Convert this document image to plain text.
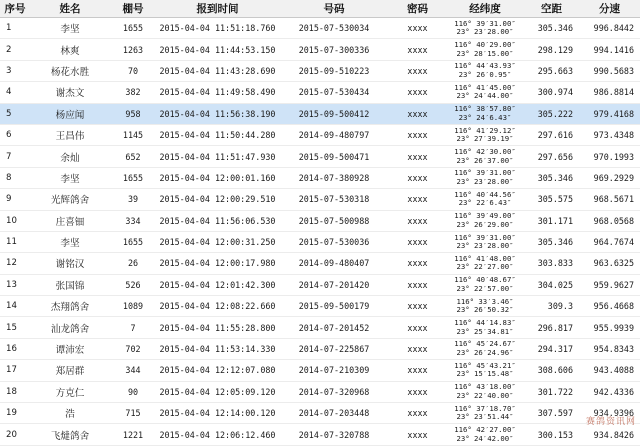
序号	姓名	棚号	报到时间	号码	密码	经纬度	空距	分速
1	李坚	1655	2015-04-04 11:51:18.760	2015-07-530034	xxxx	116° 39′31.00″
23° 23′28.00″	305.346	996.8442
2	林爽	1263	2015-04-04 11:44:53.150	2015-07-300336	xxxx	116° 40′29.00″
23° 28′15.00″	298.129	994.1416
3	杨花水胜	70	2015-04-04 11:43:28.690	2015-09-510223	xxxx	116° 44′43.93″
23° 26′0.95″	295.663	990.5683
4	谢杰文	382	2015-04-04 11:49:58.490	2015-07-530434	xxxx	116° 41′45.00″
23° 24′44.00″	300.974	986.8814
5	杨应闻	958	2015-04-04 11:56:38.190	2015-09-500412	xxxx	116° 38′57.80″
23° 24′6.43″	305.222	979.4168
6	王昌伟	1145	2015-04-04 11:50:44.280	2014-09-480797	xxxx	116° 41′29.12″
23° 27′39.19″	297.616	973.4348
7	余灿	652	2015-04-04 11:51:47.930	2015-09-500471	xxxx	116° 42′30.00″
23° 26′37.00″	297.656	970.1993
8	李坚	1655	2015-04-04 12:00:01.160	2014-07-380928	xxxx	116° 39′31.00″
23° 23′28.00″	305.346	969.2929
9	光辉鸽舍	39	2015-04-04 12:00:29.510	2015-07-530318	xxxx	116° 40′44.56″
23° 22′6.43″	305.575	968.5671
10	庄喜钿	334	2015-04-04 11:56:06.530	2015-07-500988	xxxx	116° 39′49.00″
23° 26′29.00″	301.171	968.0568
11	李坚	1655	2015-04-04 12:00:31.250	2015-07-530036	xxxx	116° 39′31.00″
23° 23′28.00″	305.346	964.7674
12	谢铭汉	26	2015-04-04 12:00:17.980	2014-09-480407	xxxx	116° 41′48.00″
23° 22′27.00″	303.833	963.6325
13	张国锦	526	2015-04-04 12:01:42.300	2014-07-201420	xxxx	116° 40′48.67″
23° 22′57.00″	304.025	959.9627
14	杰翔鸽舍	1089	2015-04-04 12:08:22.660	2015-09-500179	xxxx	116° 33′3.46″
23° 26′50.32″	309.3	956.4668
15	汕龙鸽舍	7	2015-04-04 11:55:28.800	2014-07-201452	xxxx	116° 44′14.83″
23° 25′34.81″	296.817	955.9939
16	谭沛宏	702	2015-04-04 11:53:14.330	2014-07-225867	xxxx	116° 45′24.67″
23° 26′24.96″	294.317	954.8343
17	郑居群	344	2015-04-04 12:12:07.080	2014-07-210309	xxxx	116° 45′43.21″
23° 15′15.48″	308.606	943.4088
18	方克仁	90	2015-04-04 12:05:09.120	2014-07-320968	xxxx	116° 43′18.00″
23° 22′40.00″	301.722	942.4336
19	浩	715	2015-04-04 12:14:00.120	2014-07-203448	xxxx	116° 37′18.70″
23° 23′51.44″	307.597	934.9396
20	飞燵鸽舍	1221	2015-04-04 12:06:12.460	2014-07-320788	xxxx	116° 42′27.00″
23° 24′42.00″	300.153	934.8426
赛鸽资讯网
